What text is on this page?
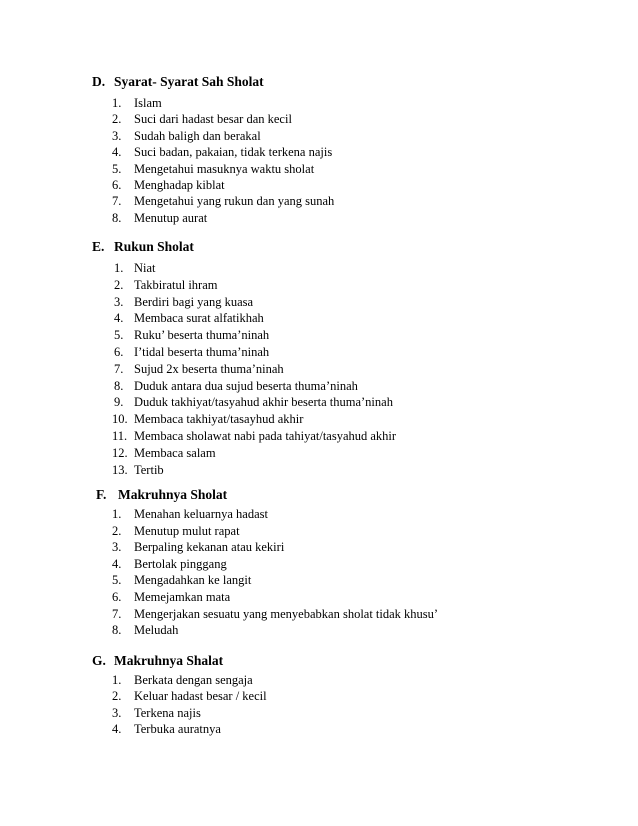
D. Syarat- Syarat Sah Sholat
1.	Islam
2.	Suci dari hadast besar dan kecil
3.	Sudah baligh dan berakal
4.	Suci badan, pakaian, tidak terkena najis
5.	Mengetahui masuknya waktu sholat
6.	Menghadap kiblat
7.	Mengetahui yang rukun dan yang sunah
8.	Menutup aurat
E. Rukun Sholat
1. Niat
2. Takbiratul ihram
3. Berdiri bagi yang kuasa
4. Membaca surat alfatikhah
5. Ruku’ beserta thuma’ninah
6. I’tidal beserta thuma’ninah
7. Sujud 2x beserta thuma’ninah
8. Duduk antara dua sujud beserta thuma’ninah
9. Duduk takhiyat/tasyahud akhir beserta thuma’ninah
10. Membaca takhiyat/tasayhud akhir
11. Membaca sholawat nabi pada tahiyat/tasyahud akhir
12. Membaca salam
13. Tertib
F. Makruhnya Sholat
1.	Menahan keluarnya hadast
2.	Menutup mulut rapat
3.	Berpaling kekanan atau kekiri
4.	Bertolak pinggang
5.	Mengadahkan ke langit
6.	Memejamkan mata
7.	Mengerjakan sesuatu yang menyebabkan sholat tidak khusu’
8.	Meludah
G. Makruhnya Shalat
1.	Berkata dengan sengaja
2.	Keluar hadast besar / kecil
3.	Terkena najis
4.	Terbuka auratnya
